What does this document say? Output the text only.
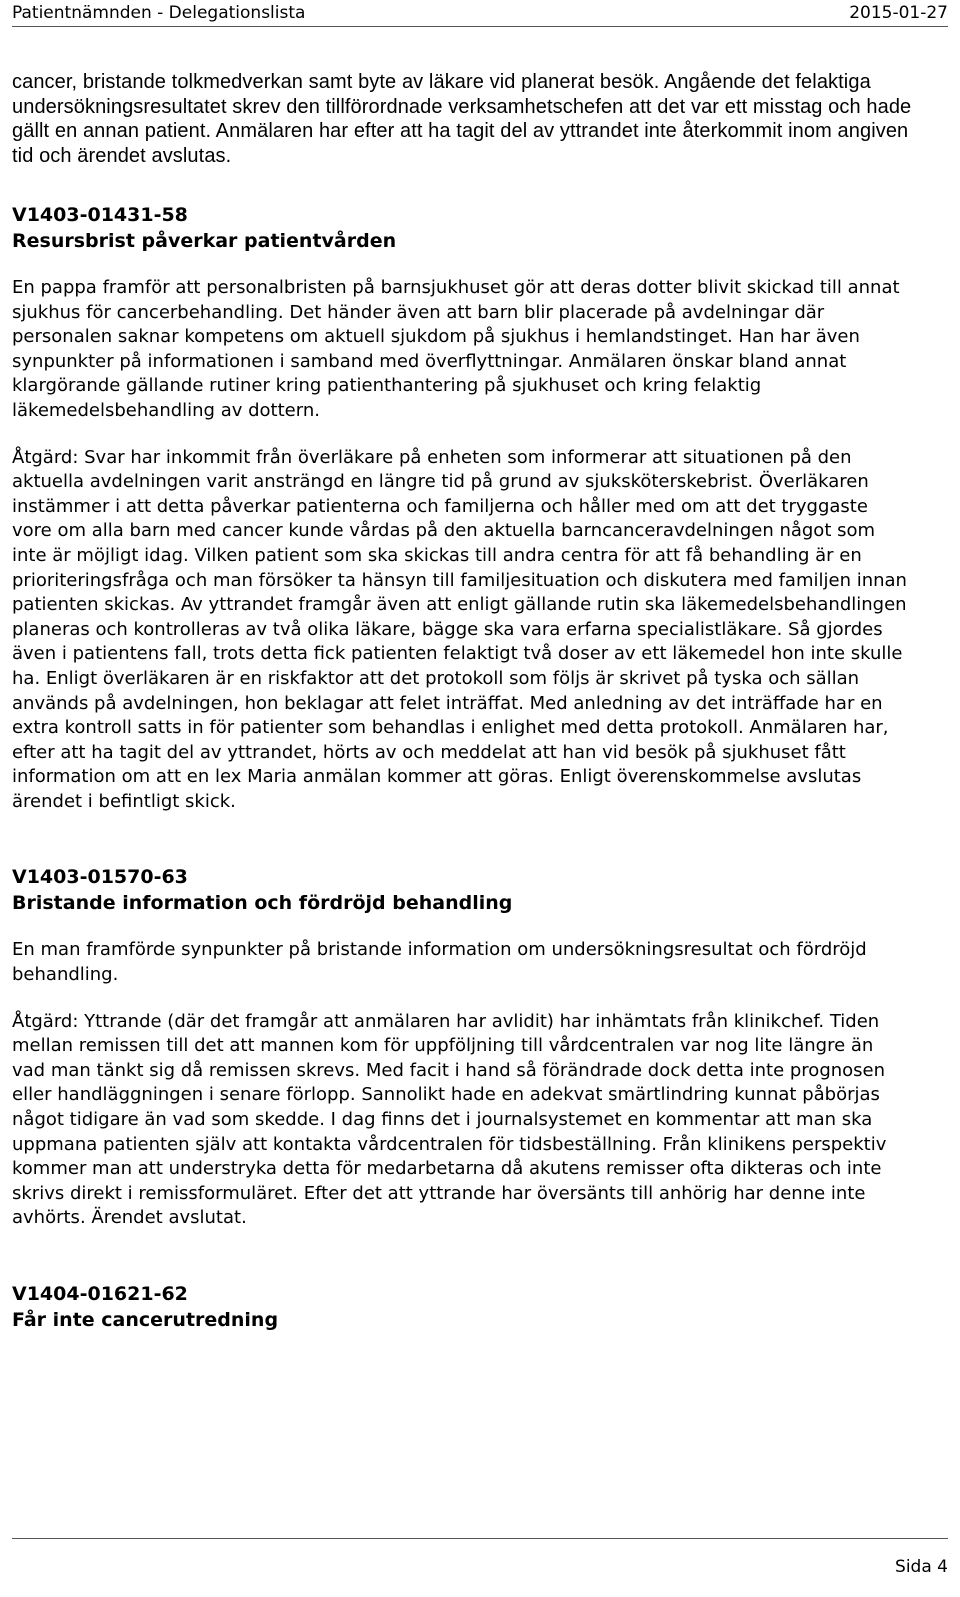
Patientnämnden - Delegationslista	2015-01-27

cancer, bristande tolkmedverkan samt byte av läkare vid planerat besök. Angående det felaktiga undersökningsresultatet skrev den tillförordnade verksamhetschefen att det var ett misstag och hade gällt en annan patient. Anmälaren har efter att ha tagit del av yttrandet inte återkommit inom angiven tid och ärendet avslutas.

V1403-01431-58

Resursbrist påverkar patientvården

En pappa framför att personalbristen på barnsjukhuset gör att deras dotter blivit skickad till annat sjukhus för cancerbehandling. Det händer även att barn blir placerade på avdelningar där personalen saknar kompetens om aktuell sjukdom på sjukhus i hemlandstinget. Han har även synpunkter på informationen i samband med överflyttningar. Anmälaren önskar bland annat klargörande gällande rutiner kring patienthantering på sjukhuset och kring felaktig läkemedelsbehandling av dottern.

Åtgärd: Svar har inkommit från överläkare på enheten som informerar att situationen på den aktuella avdelningen varit ansträngd en längre tid på grund av sjuksköterskebrist. Överläkaren instämmer i att detta påverkar patienterna och familjerna och håller med om att det tryggaste vore om alla barn med cancer kunde vårdas på den aktuella barncanceravdelningen något som inte är möjligt idag. Vilken patient som ska skickas till andra centra för att få behandling är en prioriteringsfråga och man försöker ta hänsyn till familjesituation och diskutera med familjen innan patienten skickas. Av yttrandet framgår även att enligt gällande rutin ska läkemedelsbehandlingen planeras och kontrolleras av två olika läkare, bägge ska vara erfarna specialistläkare. Så gjordes även i patientens fall, trots detta fick patienten felaktigt två doser av ett läkemedel hon inte skulle ha. Enligt överläkaren är en riskfaktor att det protokoll som följs är skrivet på tyska och sällan används på avdelningen, hon beklagar att felet inträffat. Med anledning av det inträffade har en extra kontroll satts in för patienter som behandlas i enlighet med detta protokoll. Anmälaren har, efter att ha tagit del av yttrandet, hörts av och meddelat att han vid besök på sjukhuset fått information om att en lex Maria anmälan kommer att göras. Enligt överenskommelse avslutas ärendet i befintligt skick.

V1403-01570-63

Bristande information och fördröjd behandling

En man framförde synpunkter på bristande information om undersökningsresultat och fördröjd behandling.

Åtgärd: Yttrande (där det framgår att anmälaren har avlidit) har inhämtats från klinikchef. Tiden mellan remissen till det att mannen kom för uppföljning till vårdcentralen var nog lite längre än vad man tänkt sig då remissen skrevs. Med facit i hand så förändrade dock detta inte prognosen eller handläggningen i senare förlopp. Sannolikt hade en adekvat smärtlindring kunnat påbörjas något tidigare än vad som skedde. I dag finns det i journalsystemet en kommentar att man ska uppmana patienten själv att kontakta vårdcentralen för tidsbeställning. Från klinikens perspektiv kommer man att understryka detta för medarbetarna då akutens remisser ofta dikteras och inte skrivs direkt i remissformuläret. Efter det att yttrande har översänts till anhörig har denne inte avhörts. Ärendet avslutat.

V1404-01621-62

Får inte cancerutredning

Sida 4
